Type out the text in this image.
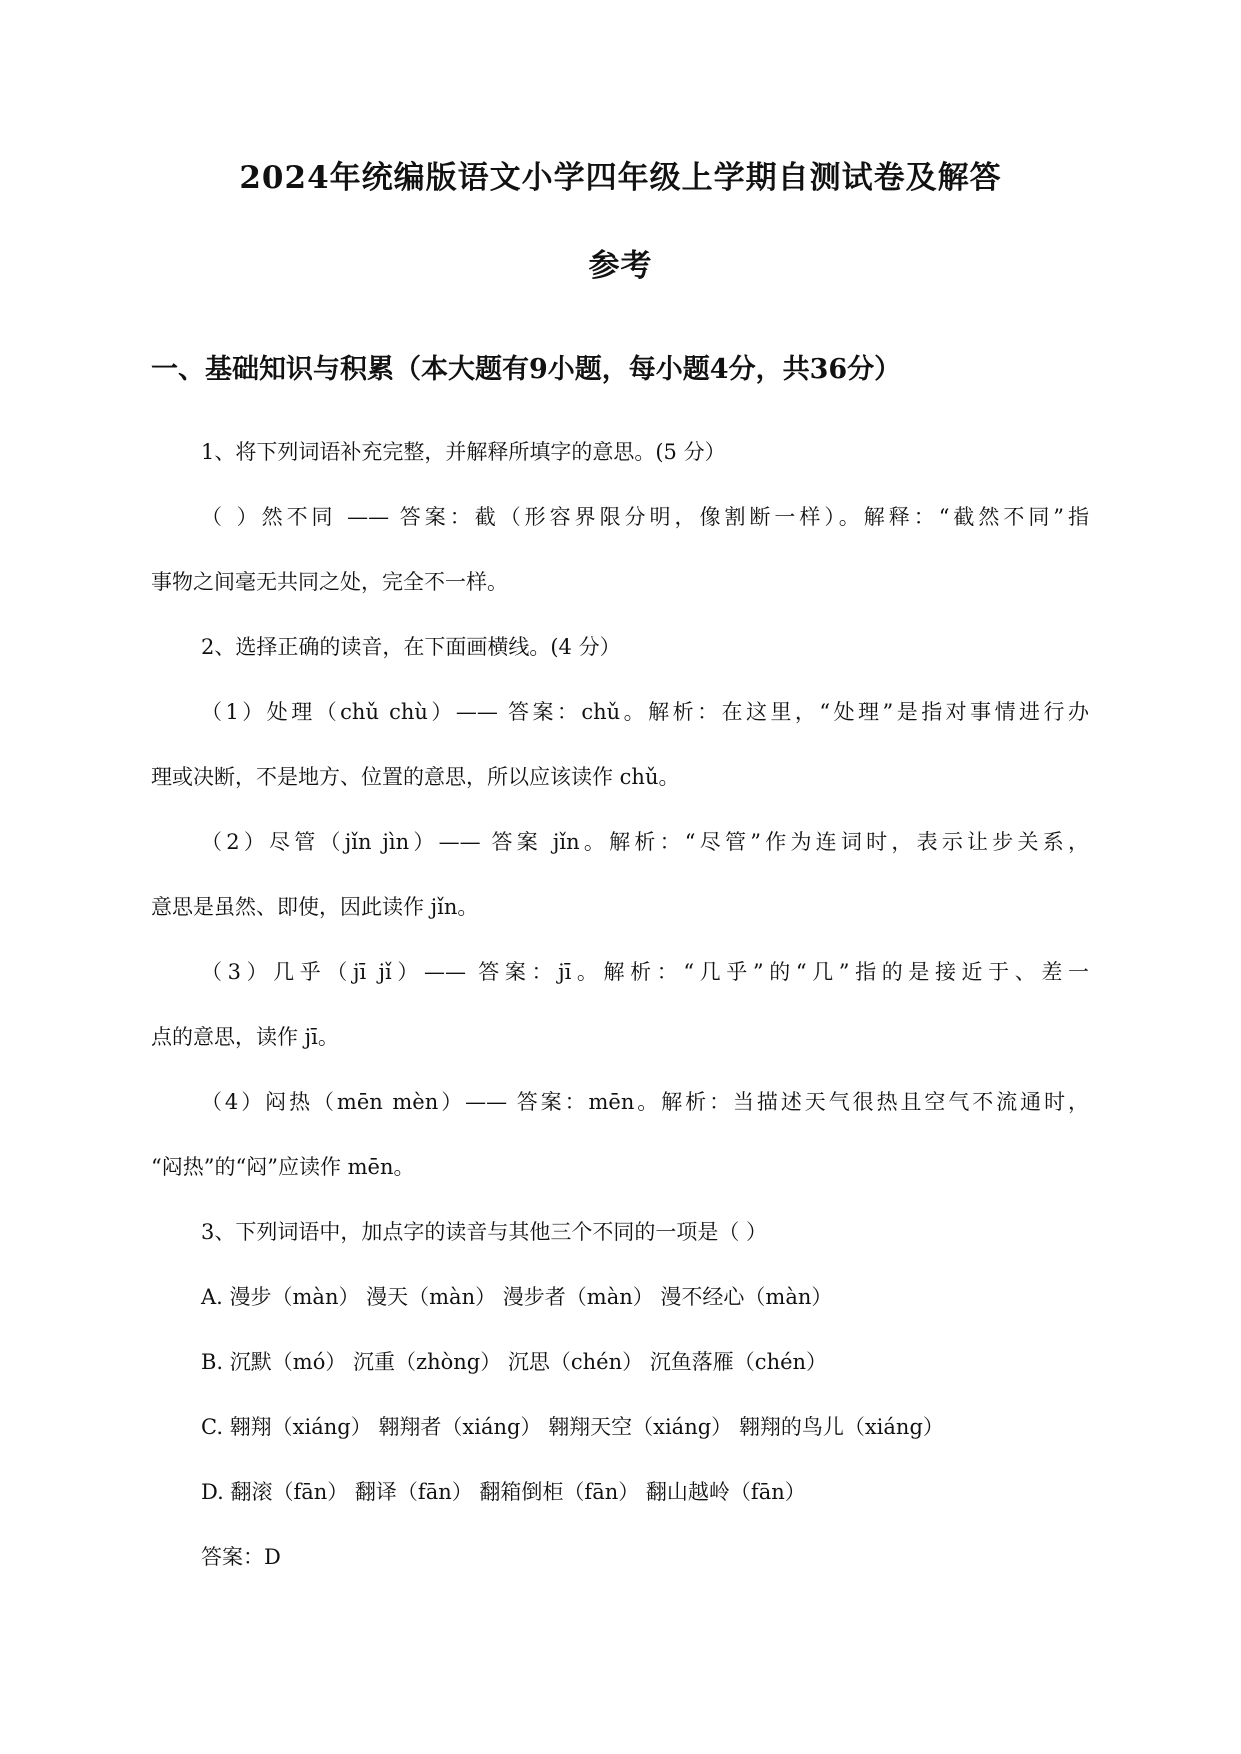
2024年统编版语文小学四年级上学期自测试卷及解答
参考
一、基础知识与积累（本大题有9小题，每小题4分，共36分）
1、将下列词语补充完整，并解释所填字的意思。(5 分）
（ ）然不同 —— 答案：截（形容界限分明，像割断一样）。解释：“截然不同”指
事物之间毫无共同之处，完全不一样。
2、选择正确的读音，在下面画横线。(4 分）
（1）处理（chǔ chù）—— 答案：chǔ。解析：在这里，“处理”是指对事情进行办
理或决断，不是地方、位置的意思，所以应该读作 chǔ。
（2）尽管（jǐn jìn）—— 答案 jǐn。解析：“尽管”作为连词时，表示让步关系，
意思是虽然、即使，因此读作 jǐn。
（3）几乎（jī jǐ）—— 答案：jī。解析：“几乎”的“几”指的是接近于、差一
点的意思，读作 jī。
（4）闷热（mēn mèn）—— 答案：mēn。解析：当描述天气很热且空气不流通时，
“闷热”的“闷”应读作 mēn。
3、下列词语中，加点字的读音与其他三个不同的一项是（ ）
A. 漫步（màn） 漫天（màn） 漫步者（màn） 漫不经心（màn）
B. 沉默（mó） 沉重（zhòng） 沉思（chén） 沉鱼落雁（chén）
C. 翱翔（xiáng） 翱翔者（xiáng） 翱翔天空（xiáng） 翱翔的鸟儿（xiáng）
D. 翻滚（fān） 翻译（fān） 翻箱倒柜（fān） 翻山越岭（fān）
答案：D
